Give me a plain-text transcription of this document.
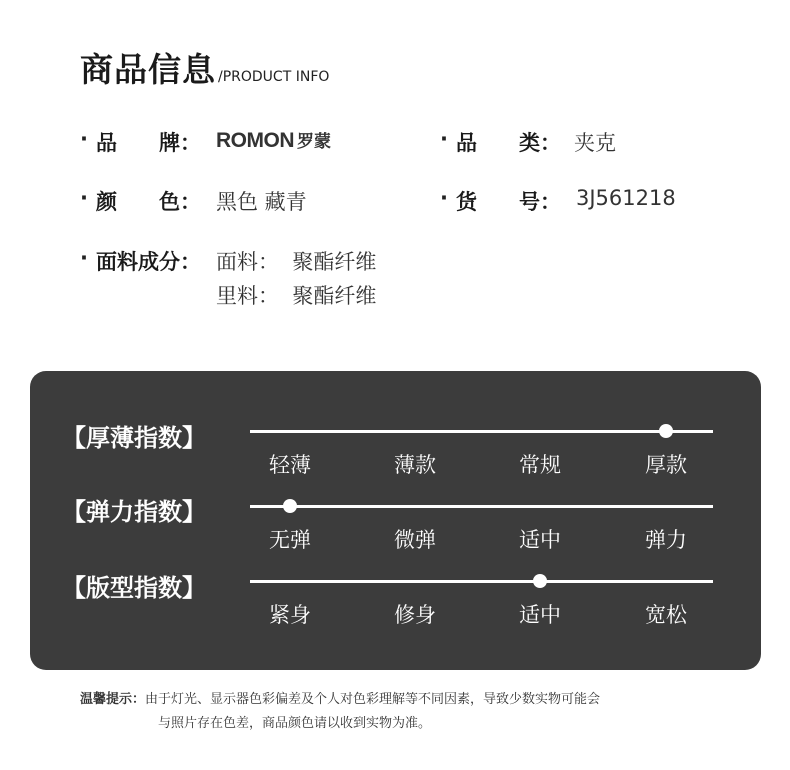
商品信息 /PRODUCT INFO
· 品　　牌： ROMON 罗蒙	· 品　　类： 夹克
· 颜　　色： 黑色 藏青	· 货　　号： 3J561218
· 面料成分： 面料：  聚酯纤维
里料：  聚酯纤维
【厚薄指数】
轻薄	薄款	常规	厚款
【弹力指数】
无弹	微弹	适中	弹力
【版型指数】
紧身	修身	适中	宽松
温馨提示：由于灯光、显示器色彩偏差及个人对色彩理解等不同因素，导致少数实物可能会
与照片存在色差，商品颜色请以收到实物为准。
